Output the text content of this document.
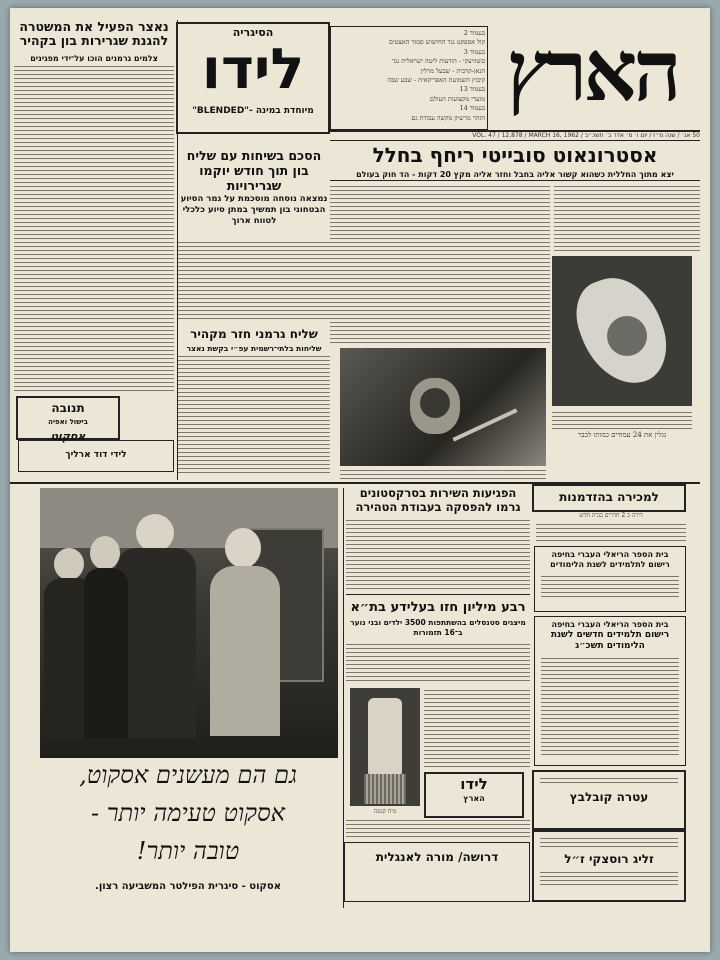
הארץ
50 אג׳ / שנה מ״ז / יום ו׳ מ׳ אדר ב׳ תשכ״ב / VOL. 47 / 12,878 / MARCH 16, 1962
בעמוד 2
קול אספקט נגד החישוש סמוך האצטים
בעמוד 3
בוטוויצקי - הודעות ליטה ישראלית נגד
הנאן-קרבית - שבעל מרלין
קיבוץ השמועת האפריקאית - שבע שבה
בעמוד 13
מועדי מקצועות העולם
בעמוד 14
הזהר מרשיון מקשה עבודת גם
הסיגריה
לידו
מיוחדת במינה -"BLENDED"
נאצר הפעיל את המשטרה להגנת שגרירות בון בקהיר
צלמים גרמנים הוכו על־ידי מפגינים
תנובה
בישול ואפיה
אסקוט
לידי דוד ארליך
אסטרונאוט סובייטי ריחף בחלל
יצא מתוך החללית כשהוא קשור אליה בחבל וחזר אליה מקץ 20 דקות - הד חוק בעולם
גגלין את 24 עמודים כמותו לכבר
הסכם בשיחות עם שליח בון תוך חודש יוקמו שגרירויות
נמצאה נוסחה מוסכמת על גמר הסיוע הבטחוני בון תמשיך במתן סיוע כלכלי לטווח ארוך
שליח גרמני חזר מקהיר
שליחות בלתי־רשמית עפ״י בקשת נאצר
גם הם מעשנים אסקוט,
אסקוט טעימה יותר -
טובה יותר!
אסקוט - סיגרית הפילטר המשביעה רצון.
הפגיעות השירות בסרקסטונים גרמו להפסקה בעבודת הטהירה
רבע מיליון חזו בעלידע בת״א
מיצגים סטנסלים בהשתתפות 3500 ילדים ובני נוער ב־16 תזמורות
מיח קטנה
לידו
הארץ
דרושה/ מורה לאנגלית
למכירה בהזדמנות
דירה כ 2 חדרים בבית חדש
בית הספר הריאלי העברי בחיפה
רישום לתלמידים לשנת הלימודים
בית הספר הריאלי העברי בחיפה
רישום תלמידים חדשים לשנת הלימודים תשכ״ג
עטרה קובלבץ
זליג רוסצקי ז״ל
